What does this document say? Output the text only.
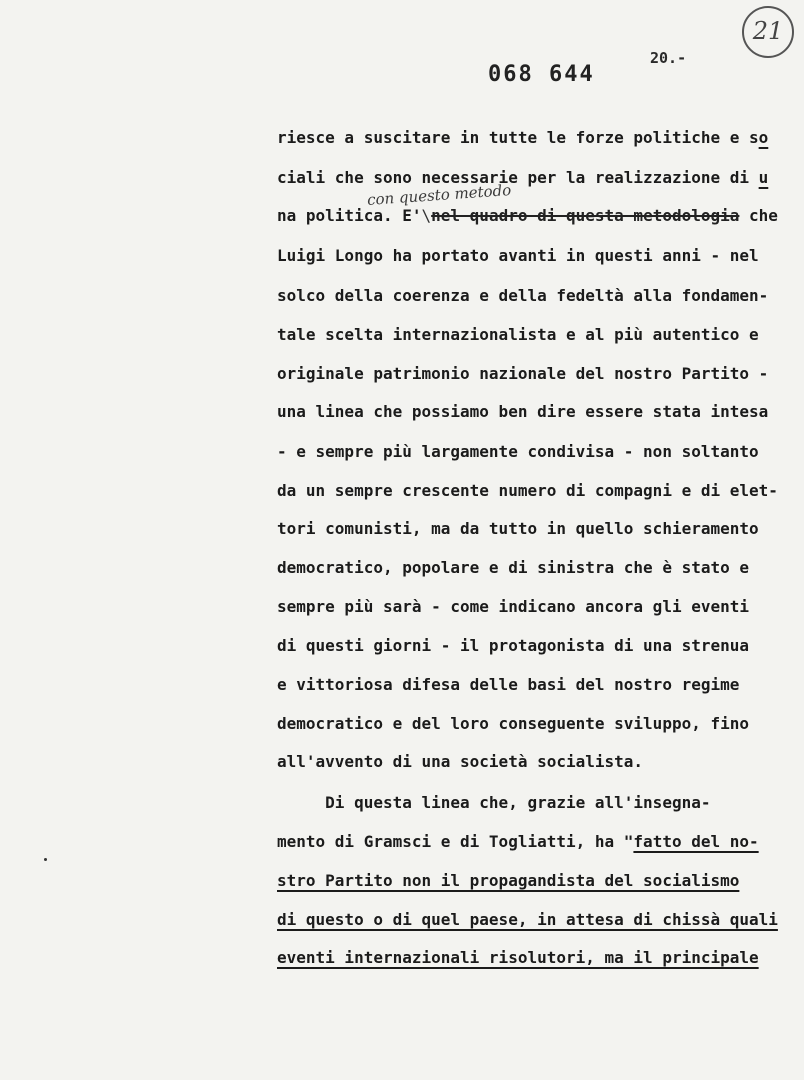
21
20.-
068 644
con questo metodo

riesce a suscitare in tutte le forze politiche e so

ciali che sono necessarie per la realizzazione di u

na politica. E'\nel quadro di questa metodologia che

Luigi Longo ha portato avanti in questi anni - nel

solco della coerenza e della fedeltà alla fondamen-

tale scelta internazionalista e al più autentico e

originale patrimonio nazionale del nostro Partito -

una linea che possiamo ben dire essere stata intesa

- e sempre più largamente condivisa - non soltanto

da un sempre crescente numero di compagni e di elet-

tori comunisti, ma da tutto in quello schieramento

democratico, popolare e di sinistra che è stato e

sempre più sarà - come indicano ancora gli eventi

di questi giorni - il protagonista di una strenua

e vittoriosa difesa delle basi del nostro regime

democratico e del loro conseguente sviluppo, fino

all'avvento di una società socialista.

Di questa linea che, grazie all'insegna-

mento di Gramsci e di Togliatti, ha "fatto del no-

stro Partito non il propagandista del socialismo

di questo o di quel paese, in attesa di chissà quali

eventi internazionali risolutori, ma il principale
